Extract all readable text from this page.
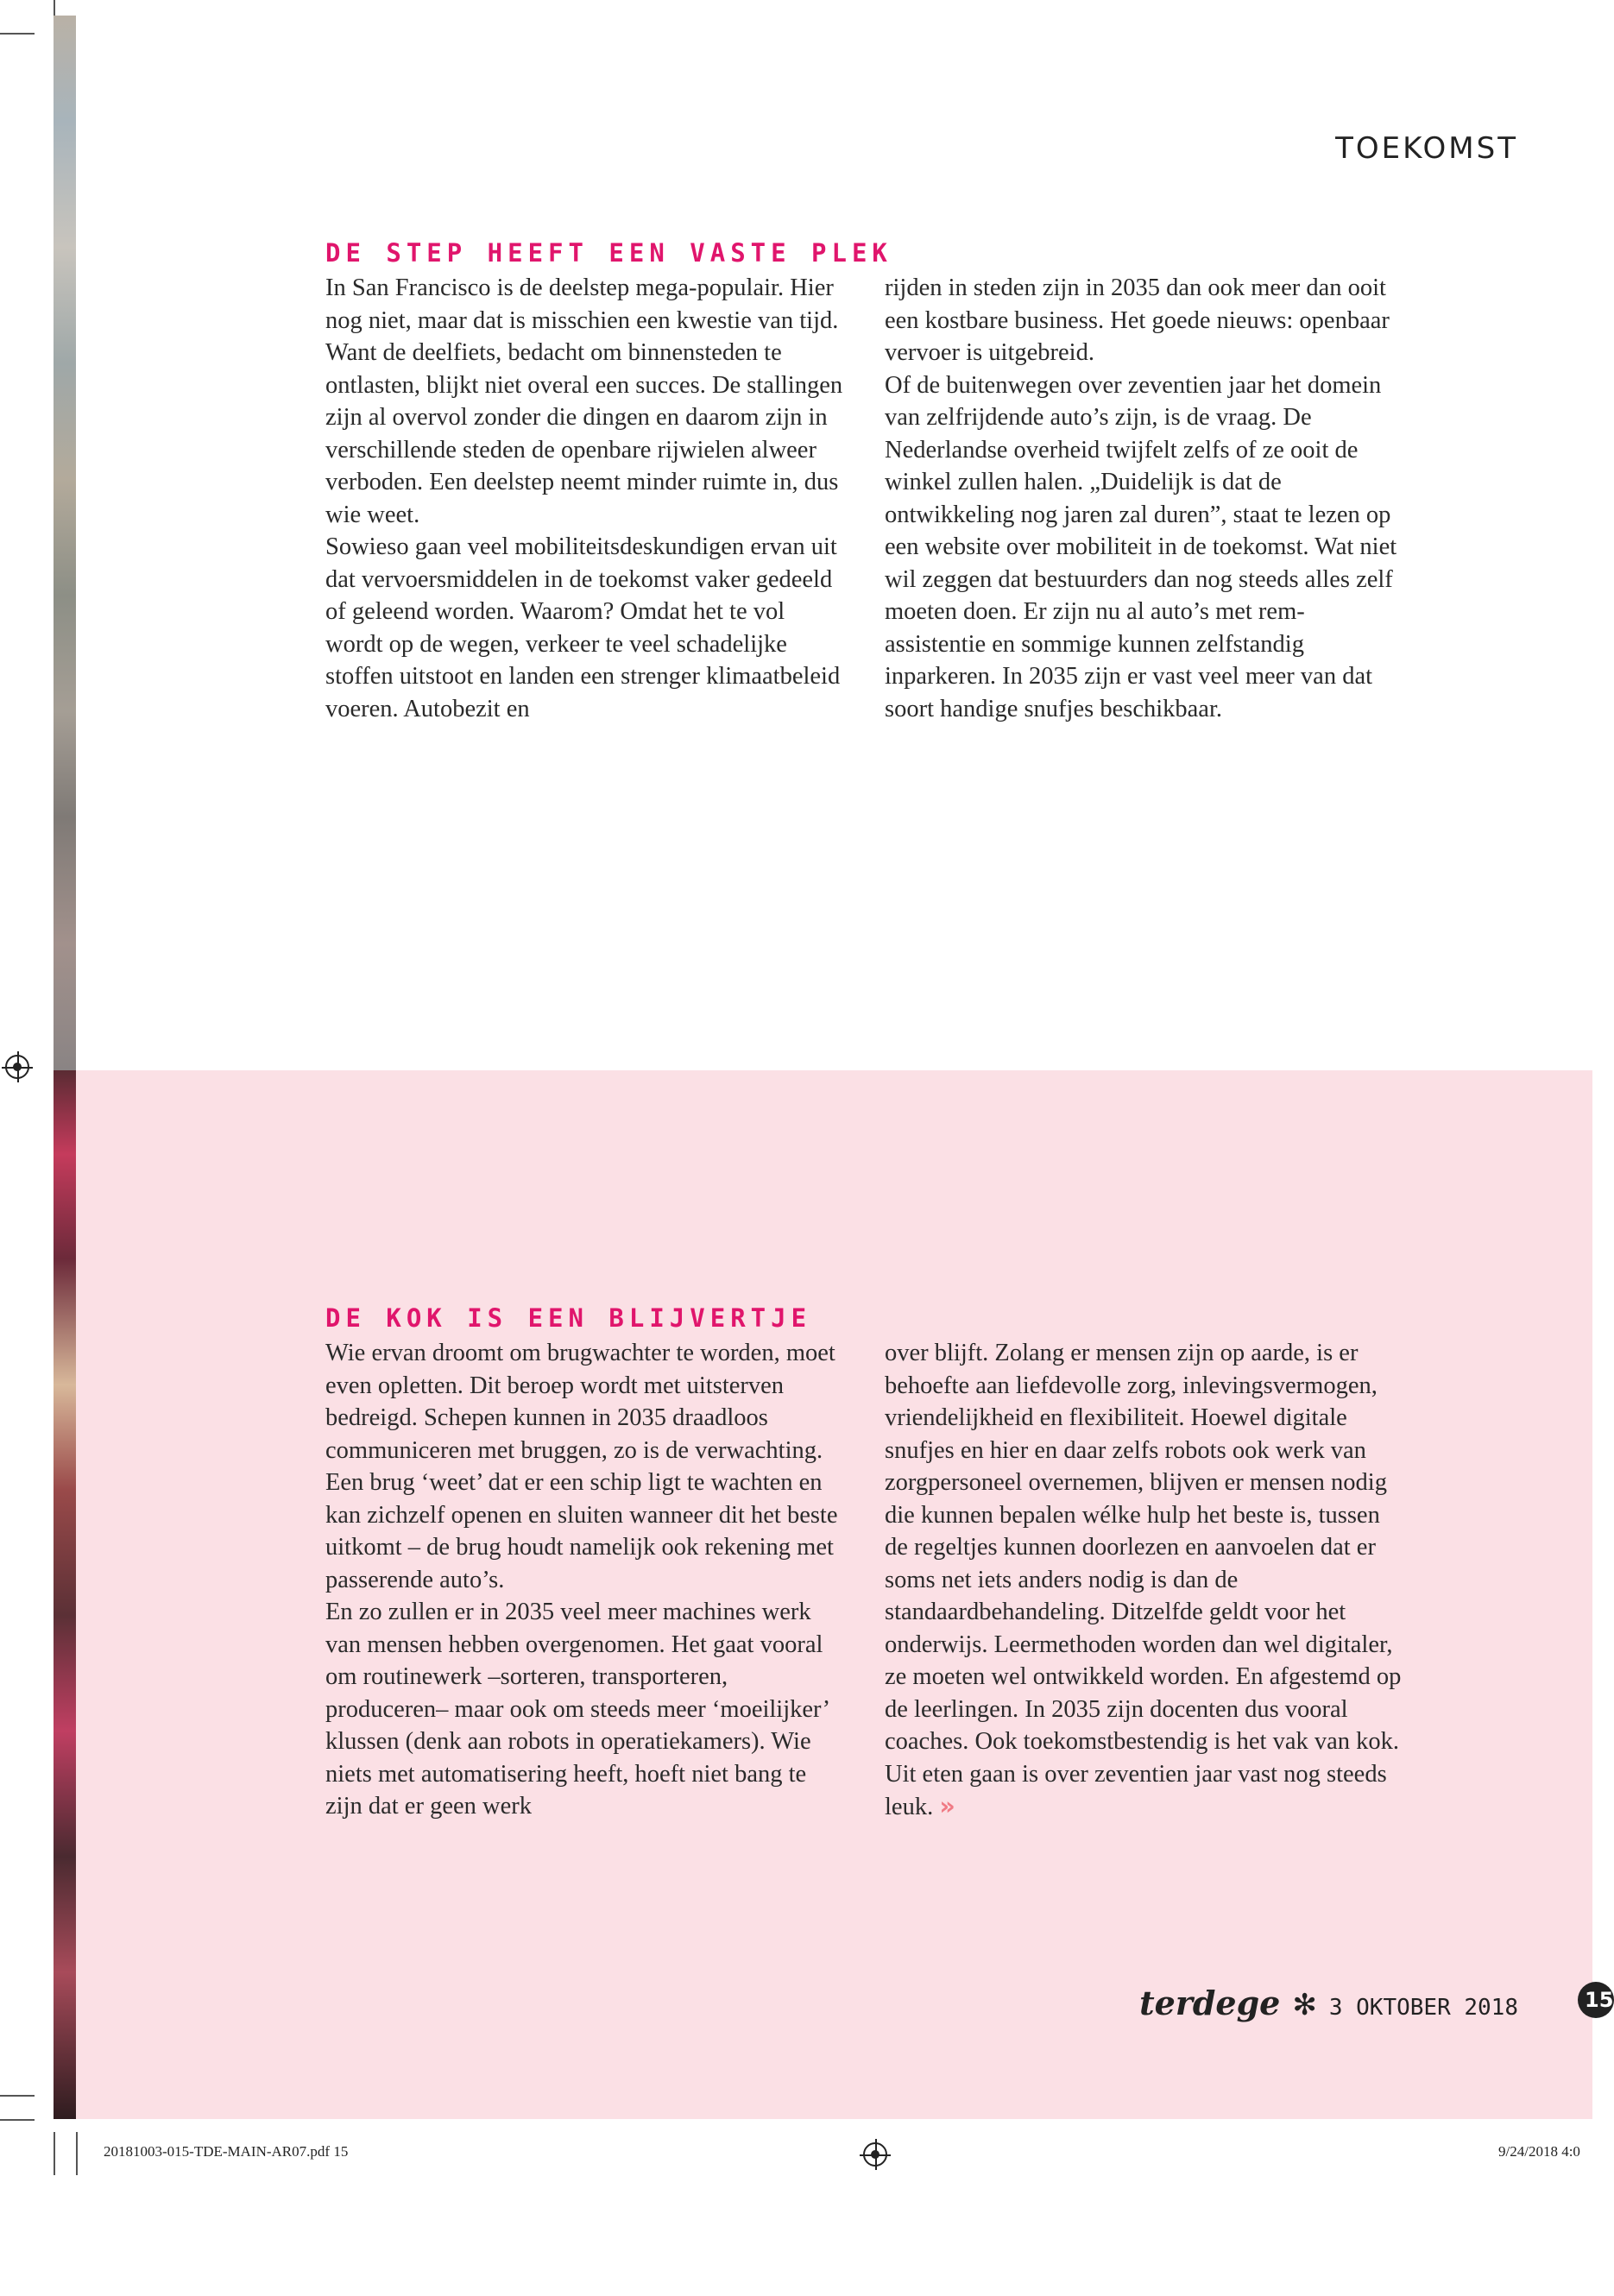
TOEKOMST
DE STEP HEEFT EEN VASTE PLEK

In San Francisco is de deelstep mega-populair. Hier nog niet, maar dat is misschien een kwestie van tijd. Want de deelfiets, bedacht om binnensteden te ontlasten, blijkt niet overal een succes. De stallingen zijn al overvol zonder die dingen en daarom zijn in verschillende steden de openbare rijwielen alweer verboden. Een deelstep neemt minder ruimte in, dus wie weet.

Sowieso gaan veel mobiliteitsdeskundigen ervan uit dat vervoersmiddelen in de toekomst vaker gedeeld of geleend worden. Waarom? Omdat het te vol wordt op de wegen, verkeer te veel schadelijke stoffen uitstoot en landen een strenger klimaatbeleid voeren. Autobezit en

rijden in steden zijn in 2035 dan ook meer dan ooit een kostbare business. Het goede nieuws: openbaar vervoer is uitgebreid.

Of de buitenwegen over zeventien jaar het domein van zelfrijdende auto’s zijn, is de vraag. De Nederlandse overheid twijfelt zelfs of ze ooit de winkel zullen halen. „Duidelijk is dat de ontwikkeling nog jaren zal duren”, staat te lezen op een website over mobiliteit in de toekomst. Wat niet wil zeggen dat bestuurders dan nog steeds alles zelf moeten doen. Er zijn nu al auto’s met rem-assistentie en sommige kunnen zelfstandig inparkeren. In 2035 zijn er vast veel meer van dat soort handige snufjes beschikbaar.

DE KOK IS EEN BLIJVERTJE

Wie ervan droomt om brugwachter te worden, moet even opletten. Dit beroep wordt met uitsterven bedreigd. Schepen kunnen in 2035 draadloos communiceren met bruggen, zo is de verwachting. Een brug ‘weet’ dat er een schip ligt te wachten en kan zichzelf openen en sluiten wanneer dit het beste uitkomt – de brug houdt namelijk ook rekening met passerende auto’s.

En zo zullen er in 2035 veel meer machines werk van mensen hebben overgenomen. Het gaat vooral om routinewerk –sorteren, transporteren, produceren– maar ook om steeds meer ‘moeilijker’ klussen (denk aan robots in operatiekamers). Wie niets met automatisering heeft, hoeft niet bang te zijn dat er geen werk

over blijft. Zolang er mensen zijn op aarde, is er behoefte aan liefdevolle zorg, inlevingsvermogen, vriendelijkheid en flexibiliteit. Hoewel digitale snufjes en hier en daar zelfs robots ook werk van zorgpersoneel overnemen, blijven er mensen nodig die kunnen bepalen wélke hulp het beste is, tussen de regeltjes kunnen doorlezen en aanvoelen dat er soms net iets anders nodig is dan de standaardbehandeling. Ditzelfde geldt voor het onderwijs. Leermethoden worden dan wel digitaler, ze moeten wel ontwikkeld worden. En afgestemd op de leerlingen. In 2035 zijn docenten dus vooral coaches. Ook toekomstbestendig is het vak van kok. Uit eten gaan is over zeventien jaar vast nog steeds leuk. »

terdege ✻ 3 OKTOBER 2018	15
20181003-015-TDE-MAIN-AR07.pdf 15	9/24/2018 4:0
